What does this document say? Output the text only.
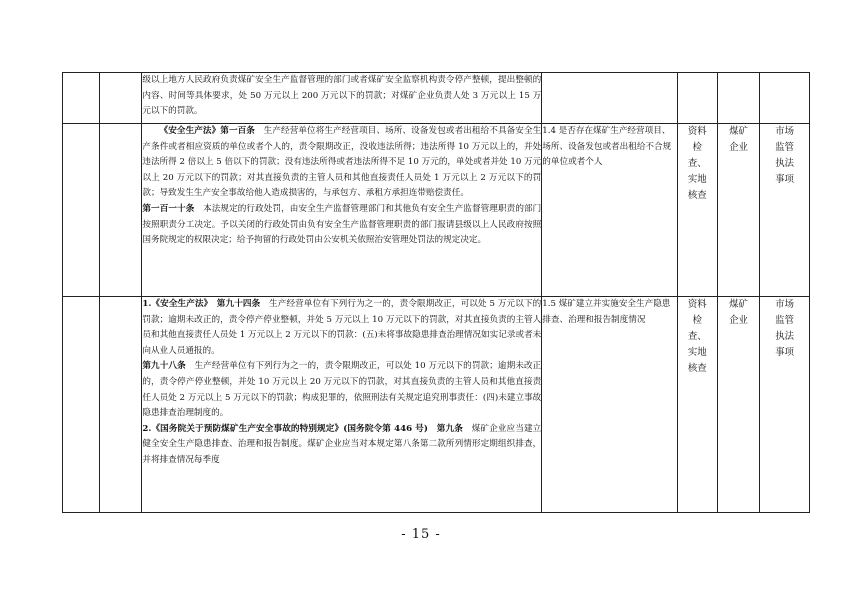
		级以上地方人民政府负责煤矿安全生产监督管理的部门或者煤矿安全监察机构责令停产整顿，提出整顿的内容、时间等具体要求，处 50 万元以上 200 万元以下的罚款；对煤矿企业负责人处 3 万元以上 15 万元以下的罚款。				

		《安全生产法》第一百条　生产经营单位将生产经营项目、场所、设备发包或者出租给不具备安全生产条件或者相应资质的单位或者个人的，责令限期改正，没收违法所得；违法所得 10 万元以上的，并处违法所得 2 倍以上 5 倍以下的罚款；没有违法所得或者违法所得不足 10 万元的，单处或者并处 10 万元以上 20 万元以下的罚款；对其直接负责的主管人员和其他直接责任人员处 1 万元以上 2 万元以下的罚款；导致发生生产安全事故给他人造成损害的，与承包方、承租方承担连带赔偿责任。

第一百一十条　本法规定的行政处罚，由安全生产监督管理部门和其他负有安全生产监督管理职责的部门按照职责分工决定。予以关闭的行政处罚由负有安全生产监督管理职责的部门报请县级以上人民政府按照国务院规定的权限决定；给予拘留的行政处罚由公安机关依照治安管理处罚法的规定决定。	1.4 是否存在煤矿生产经营项目、场所、设备发包或者出租给不合规的单位或者个人	资料检查、实地核查	煤矿企业	市场监管执法事项

		1.《安全生产法》　第九十四条　生产经营单位有下列行为之一的，责令限期改正，可以处 5 万元以下的罚款；逾期未改正的，责令停产停业整顿，并处 5 万元以上 10 万元以下的罚款，对其直接负责的主管人员和其他直接责任人员处 1 万元以上 2 万元以下的罚款：(五)未将事故隐患排查治理情况如实记录或者未向从业人员通报的。

第九十八条　生产经营单位有下列行为之一的，责令限期改正，可以处 10 万元以下的罚款；逾期未改正的，责令停产停业整顿，并处 10 万元以上 20 万元以下的罚款，对其直接负责的主管人员和其他直接责任人员处 2 万元以上 5 万元以下的罚款；构成犯罪的，依照刑法有关规定追究刑事责任：(四)未建立事故隐患排查治理制度的。

2.《国务院关于预防煤矿生产安全事故的特别规定》(国务院令第 446 号)　第九条　煤矿企业应当建立健全安全生产隐患排查、治理和报告制度。煤矿企业应当对本规定第八条第二款所列情形定期组织排查，并将排查情况每季度	1.5 煤矿建立并实施安全生产隐患排查、治理和报告制度情况	资料检查、实地核查	煤矿企业	市场监管执法事项
- 15 -
